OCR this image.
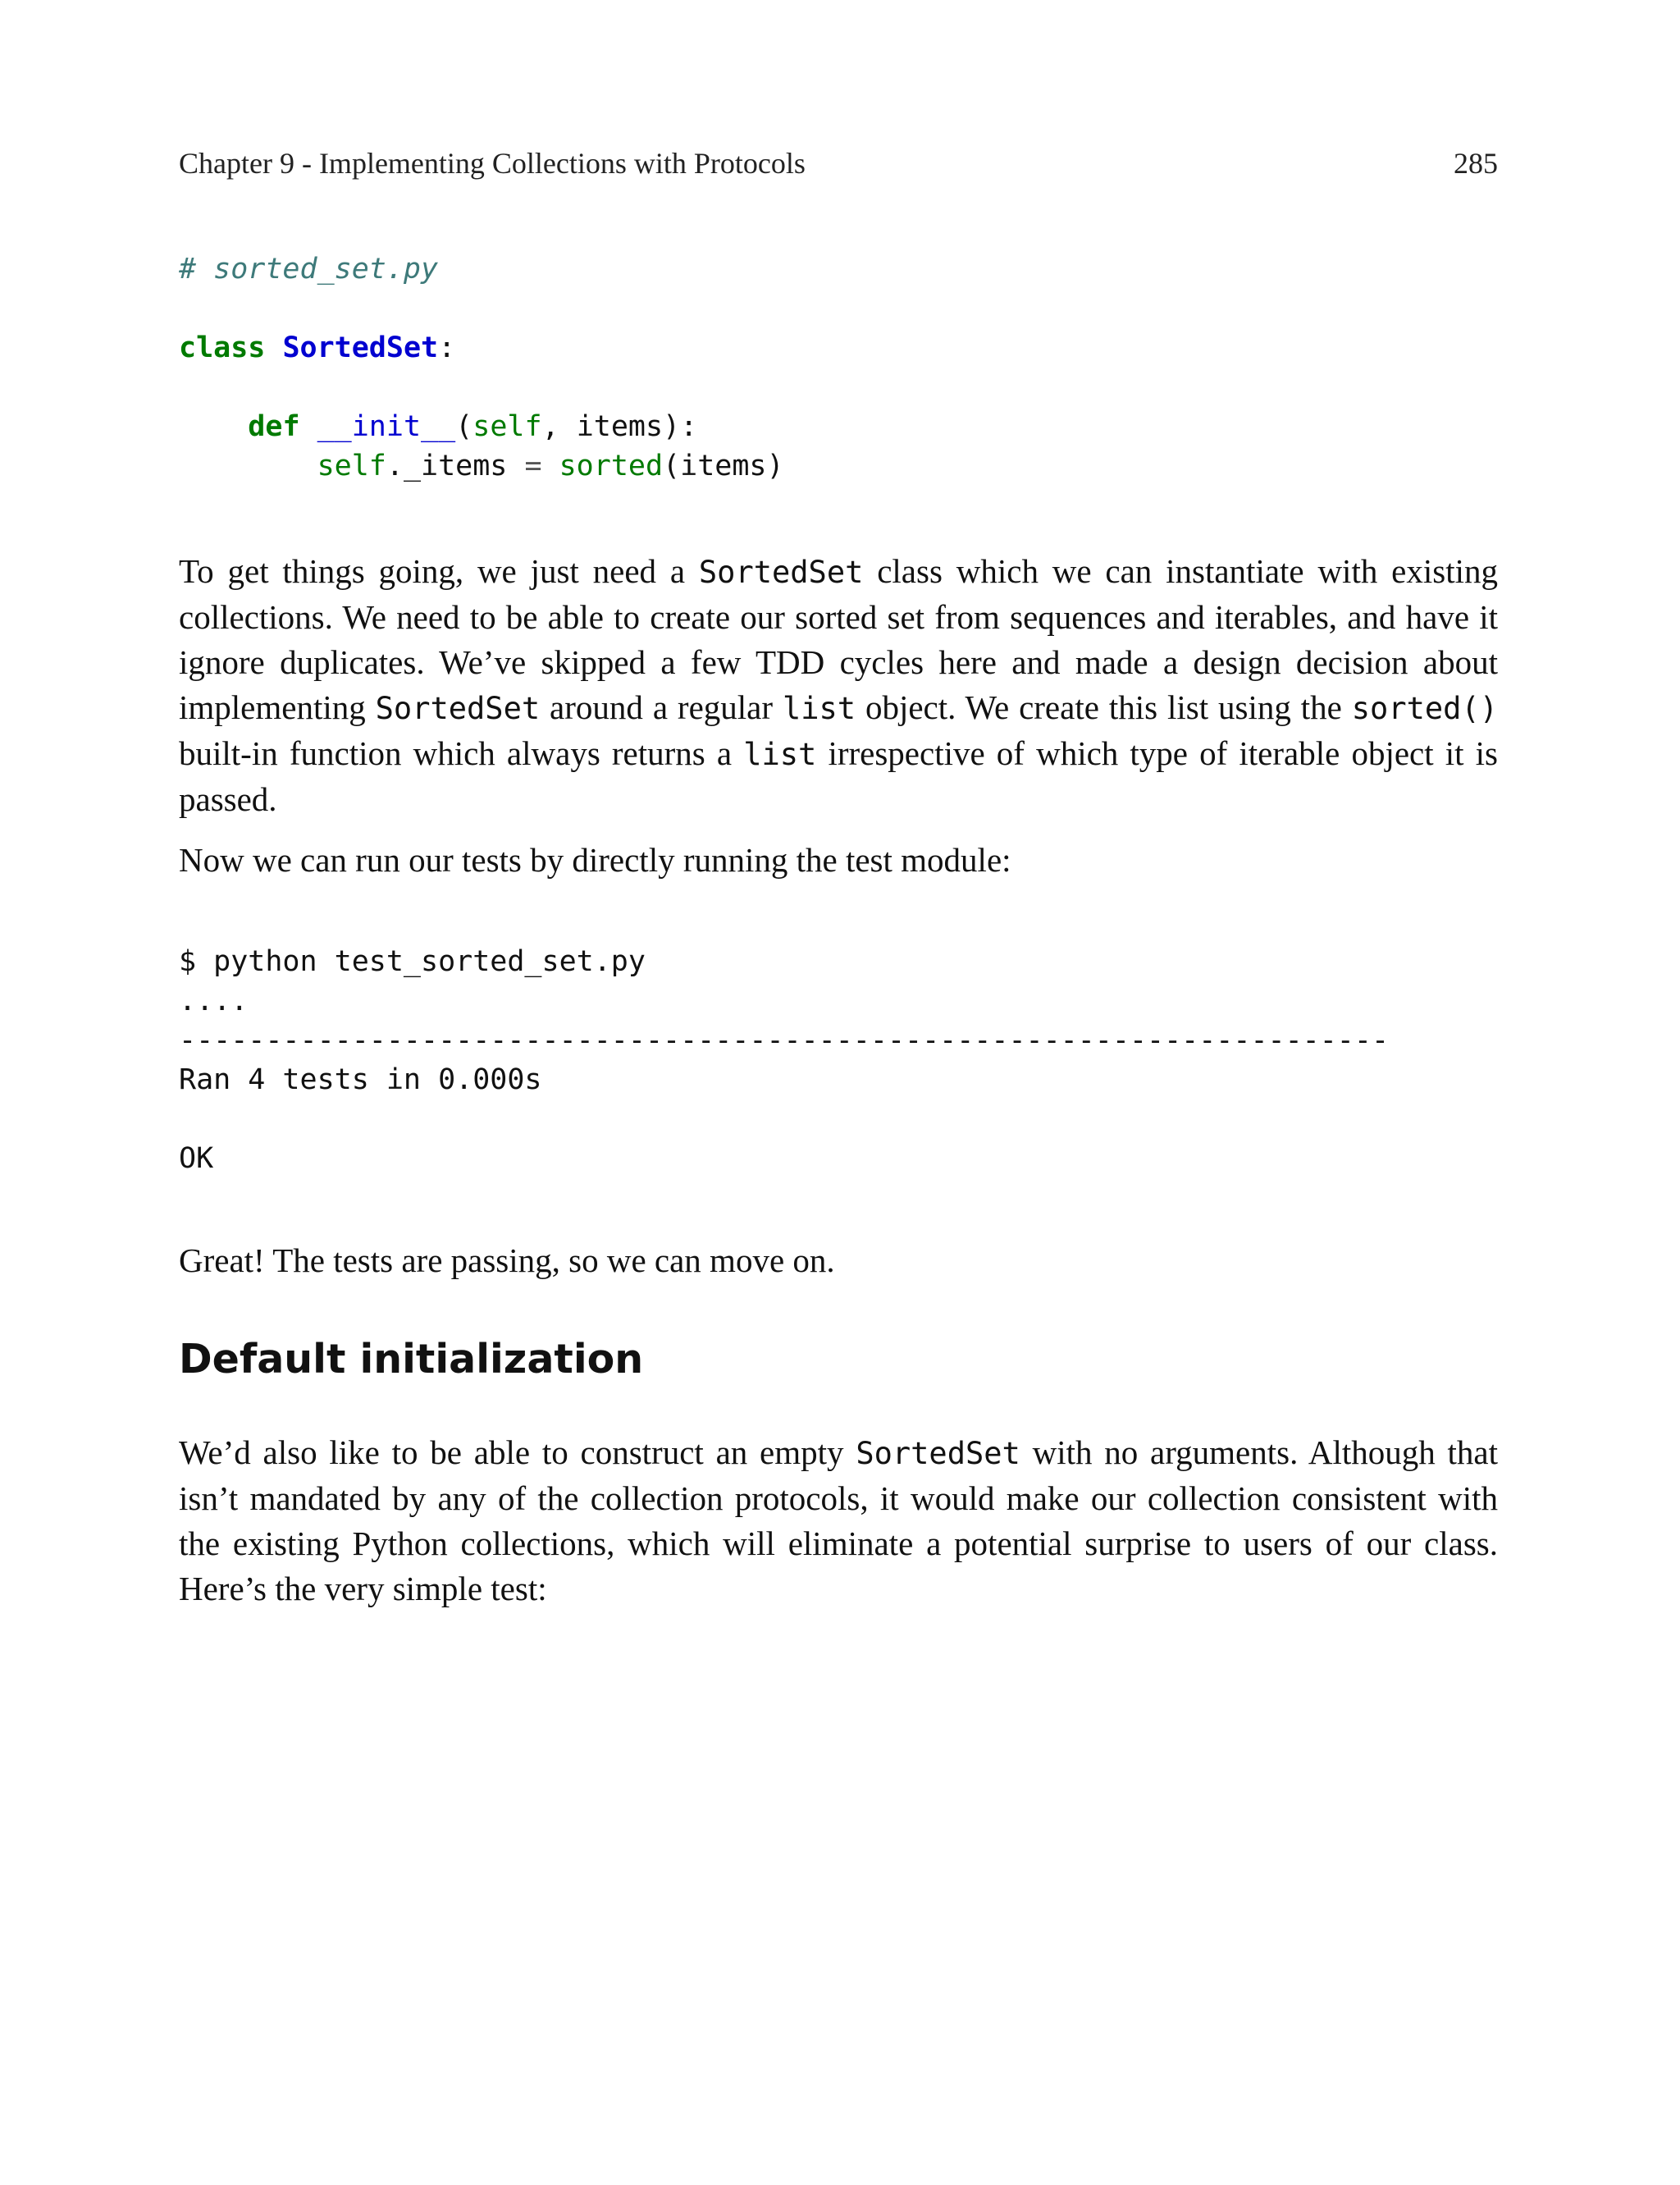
Chapter 9 - Implementing Collections with Protocols	285
# sorted_set.py

class SortedSet:

def __init__(self, items):
self._items = sorted(items)

To get things going, we just need a SortedSet class which we can instantiate with existing collections. We need to be able to create our sorted set from sequences and iterables, and have it ignore duplicates. We’ve skipped a few TDD cycles here and made a design decision about implementing SortedSet around a regular list object. We create this list using the sorted() built-in function which always returns a list irrespective of which type of iterable object it is passed.

Now we can run our tests by directly running the test module:

$ python test_sorted_set.py
....
----------------------------------------------------------------------
Ran 4 tests in 0.000s

OK

Great! The tests are passing, so we can move on.

Default initialization

We’d also like to be able to construct an empty SortedSet with no arguments. Although that isn’t mandated by any of the collection protocols, it would make our collection consistent with the existing Python collections, which will eliminate a potential surprise to users of our class. Here’s the very simple test:
